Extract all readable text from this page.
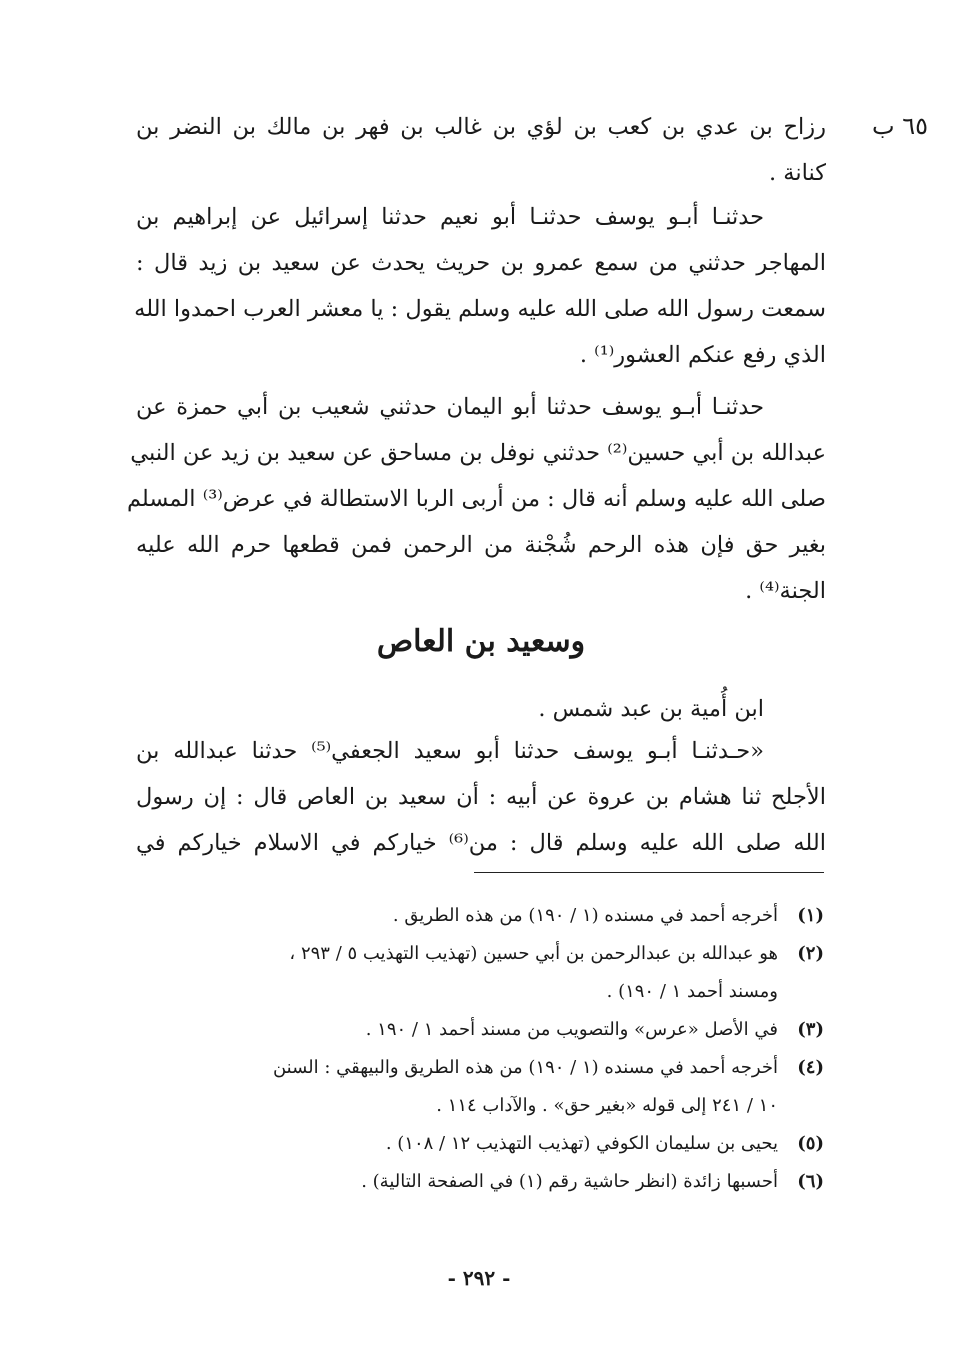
٦٥ ب
رزاح بن عدي بن كعب بن لؤي بن غالب بن فهر بن مالك بن النضر بن
كنانة .
حدثنـا أبـو يوسف حدثنـا أبو نعيم حدثنا إسرائيل عن إبراهيم بن
المهاجر حدثني من سمع عمرو بن حريث يحدث عن سعيد بن زيد قال :
سمعت رسول الله صلى الله عليه وسلم يقول : يا معشر العرب احمدوا الله
الذي رفع عنكم العشور⁽¹⁾ .
حدثنـا أبـو يوسف حدثنا أبو اليمان حدثني شعيب بن أبي حمزة عن
عبدالله بن أبي حسين⁽²⁾ حدثني نوفل بن مساحق عن سعيد بن زيد عن النبي
صلى الله عليه وسلم أنه قال : من أربى الربا الاستطالة في عرض⁽³⁾ المسلم
بغير حق فإن هذه الرحم شُجْنة من الرحمن فمن قطعها حرم الله عليه
الجنة⁽⁴⁾ .
وسعيد بن العاص
ابن أُمية بن عبد شمس .
«حـدثنـا أبـو يوسف حدثنا أبو سعيد الجعفي⁽⁵⁾ حدثنا عبدالله بن
الأجلح ثنا هشام بن عروة عن أبيه : أن سعيد بن العاص قال : إن رسول
الله صلى الله عليه وسلم قال : من⁽⁶⁾ خياركم في الاسلام خياركم في
(١)
أخرجه أحمد في مسنده (١ / ١٩٠) من هذه الطريق .
(٢)
هو عبدالله بن عبدالرحمن بن أبي حسين (تهذيب التهذيب ٥ / ٢٩٣ ،
ومسند أحمد ١ / ١٩٠) .
(٣)
في الأصل «عرس» والتصويب من مسند أحمد ١ / ١٩٠ .
(٤)
أخرجه أحمد في مسنده (١ / ١٩٠) من هذه الطريق والبيهقي : السنن
١٠ / ٢٤١ إلى قوله «بغير حق» . والآداب ١١٤ .
(٥)
يحيى بن سليمان الكوفي (تهذيب التهذيب ١٢ / ١٠٨) .
(٦)
أحسبها زائدة (انظر حاشية رقم (١) في الصفحة التالية) .
- ٢٩٢ -
